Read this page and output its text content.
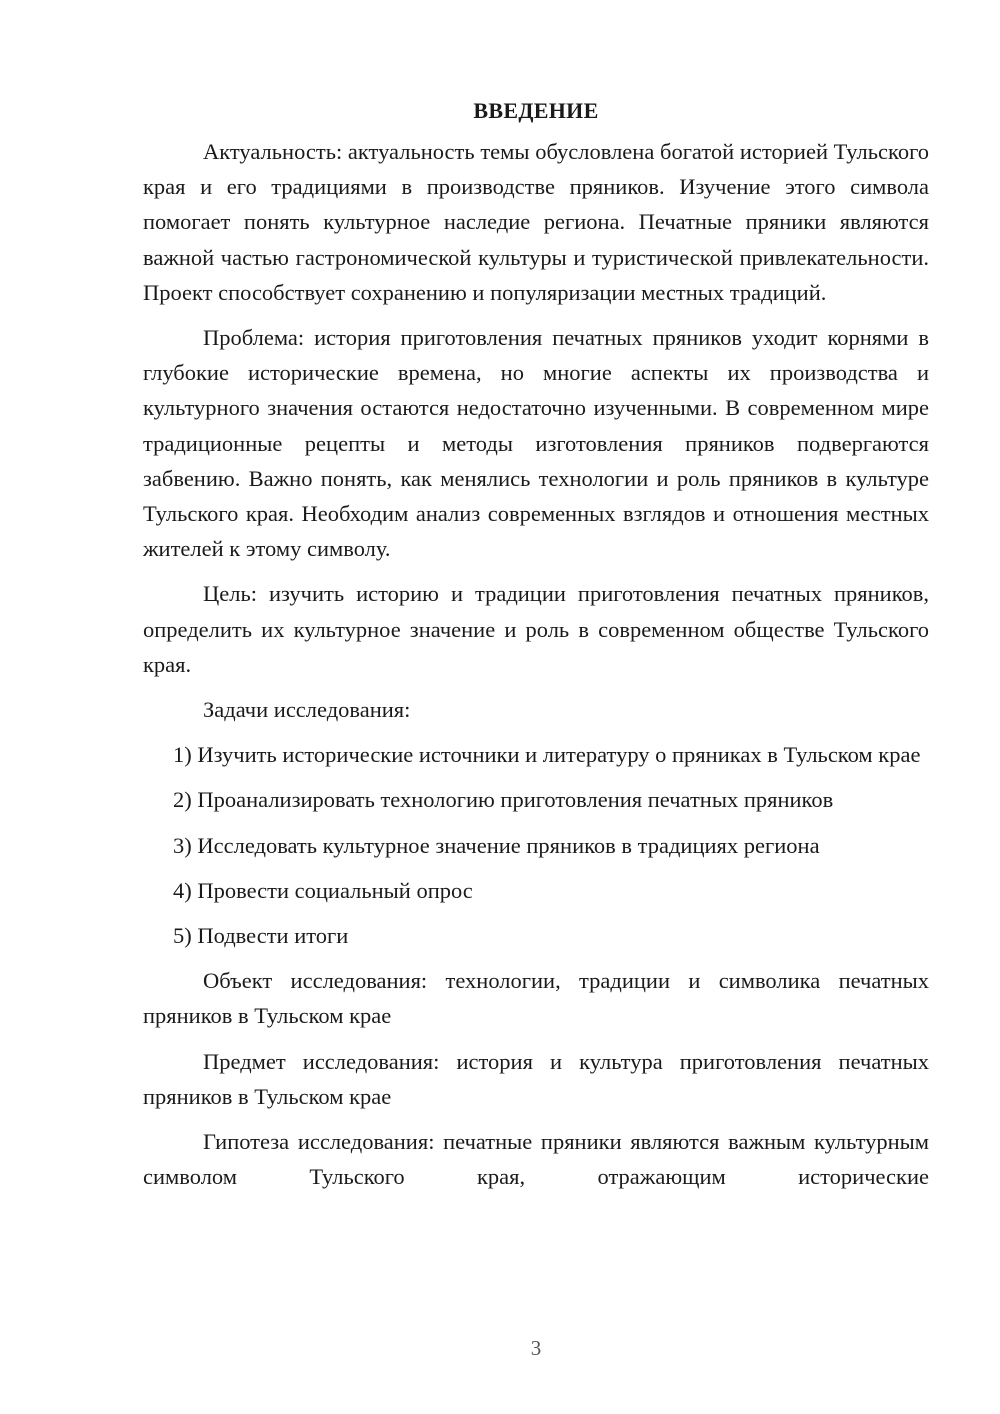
ВВЕДЕНИЕ

Актуальность: актуальность темы обусловлена богатой историей Тульского края и его традициями в производстве пряников. Изучение этого символа помогает понять культурное наследие региона. Печатные пряники являются важной частью гастрономической культуры и туристической привлекательности. Проект способствует сохранению и популяризации местных традиций.

Проблема: история приготовления печатных пряников уходит корнями в глубокие исторические времена, но многие аспекты их производства и культурного значения остаются недостаточно изученными. В современном мире традиционные рецепты и методы изготовления пряников подвергаются забвению. Важно понять, как менялись технологии и роль пряников в культуре Тульского края. Необходим анализ современных взглядов и отношения местных жителей к этому символу.

Цель: изучить историю и традиции приготовления печатных пряников, определить их культурное значение и роль в современном обществе Тульского края.

Задачи исследования:

1) Изучить исторические источники и литературу о пряниках в Тульском крае

2) Проанализировать технологию приготовления печатных пряников

3) Исследовать культурное значение пряников в традициях региона

4) Провести социальный опрос

5) Подвести итоги

Объект исследования: технологии, традиции и символика печатных пряников в Тульском крае

Предмет исследования: история и культура приготовления печатных пряников в Тульском крае

Гипотеза исследования: печатные пряники являются важным культурным символом Тульского края, отражающим исторические

3
